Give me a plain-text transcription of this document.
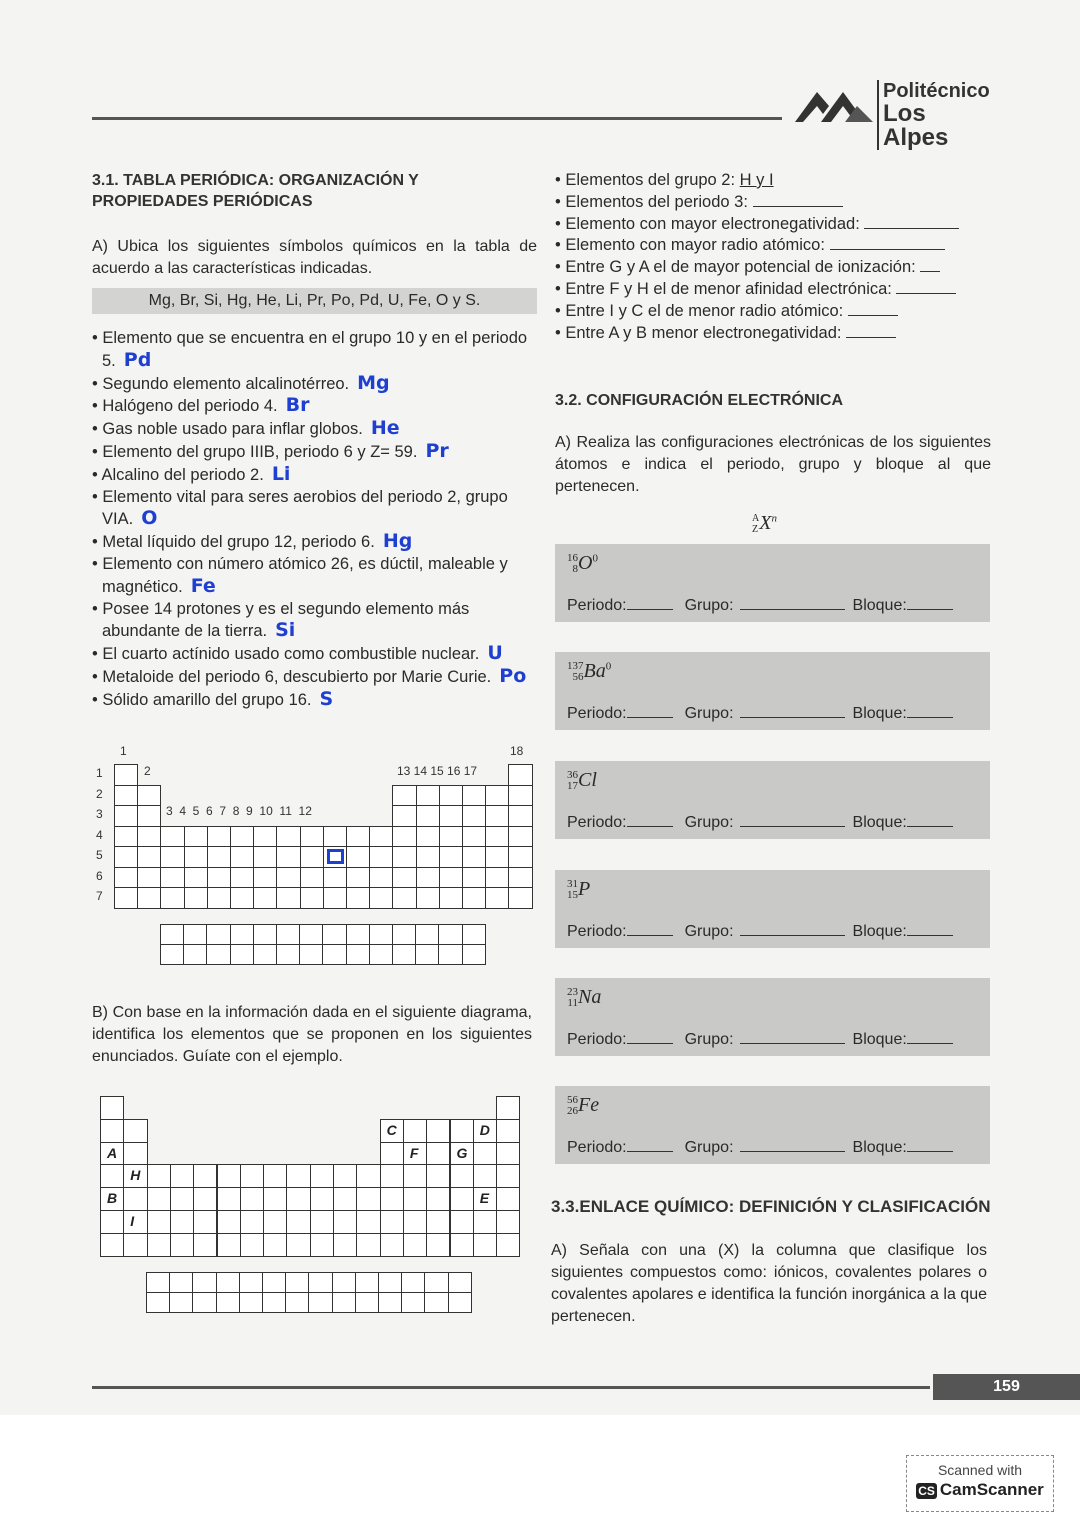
Politécnico
Los Alpes
3.1. TABLA PERIÓDICA: ORGANIZACIÓN Y
PROPIEDADES PERIÓDICAS
A) Ubica los siguientes símbolos químicos en la tabla de acuerdo a las características indicadas.
Mg, Br, Si, Hg, He, Li, Pr, Po, Pd, U, Fe, O y S.
• Elemento que se encuentra en el grupo 10 y en el periodo 5. Pd
• Segundo elemento alcalinotérreo. Mg
• Halógeno del periodo 4. Br
• Gas noble usado para inflar globos. He
• Elemento del grupo IIIB, periodo 6 y Z= 59. Pr
• Alcalino del periodo 2. Li
• Elemento vital para seres aerobios del periodo 2, grupo VIA. O
• Metal líquido del grupo 12, periodo 6. Hg
• Elemento con número atómico 26, es dúctil, maleable y magnético. Fe
• Posee 14 protones y es el segundo elemento más abundante de la tierra. Si
• El cuarto actínido usado como combustible nuclear. U
• Metaloide del periodo 6, descubierto por Marie Curie. Po
• Sólido amarillo del grupo 16. S
1
2
18
13 14 15 16 17
3  4  5  6  7  8  9  10  11  12
1
2
3
4
5
6
7
B) Con base en la información dada en el siguiente diagrama, identifica los elementos que se proponen en los siguientes enunciados. Guíate con el ejemplo.
A
B
C	D
E
F	G
H
I
• Elementos del grupo 2: H y I
• Elementos del periodo 3:
• Elemento con mayor electronegatividad:
• Elemento con mayor radio atómico:
• Entre G y A el de mayor potencial de ionización:
• Entre F y H el de menor afinidad electrónica:
• Entre I y C el de menor radio atómico:
• Entre A y B menor electronegatividad:
3.2. CONFIGURACIÓN ELECTRÓNICA
A) Realiza las configuraciones electrónicas de los siguientes átomos e indica el periodo, grupo y bloque al que pertenecen.
A
Z $X^n$
16
8 $O^0$
Periodo:	Grupo:	Bloque:
137
56 Ba$^0$
Periodo:	Grupo:	Bloque:
36
17 Cl
Periodo:	Grupo:	Bloque:
31
15 P
Periodo:	Grupo:	Bloque:
23
11 Na
Periodo:	Grupo:	Bloque:
56
26 Fe
Periodo:	Grupo:	Bloque:
3.3.ENLACE QUÍMICO: DEFINICIÓN Y CLASIFICACIÓN
A) Señala con una (X) la columna que clasifique los siguientes compuestos como: iónicos, covalentes polares o covalentes apolares e identifica la función inorgánica a la que pertenecen.
159
Scanned with
CS CamScanner
